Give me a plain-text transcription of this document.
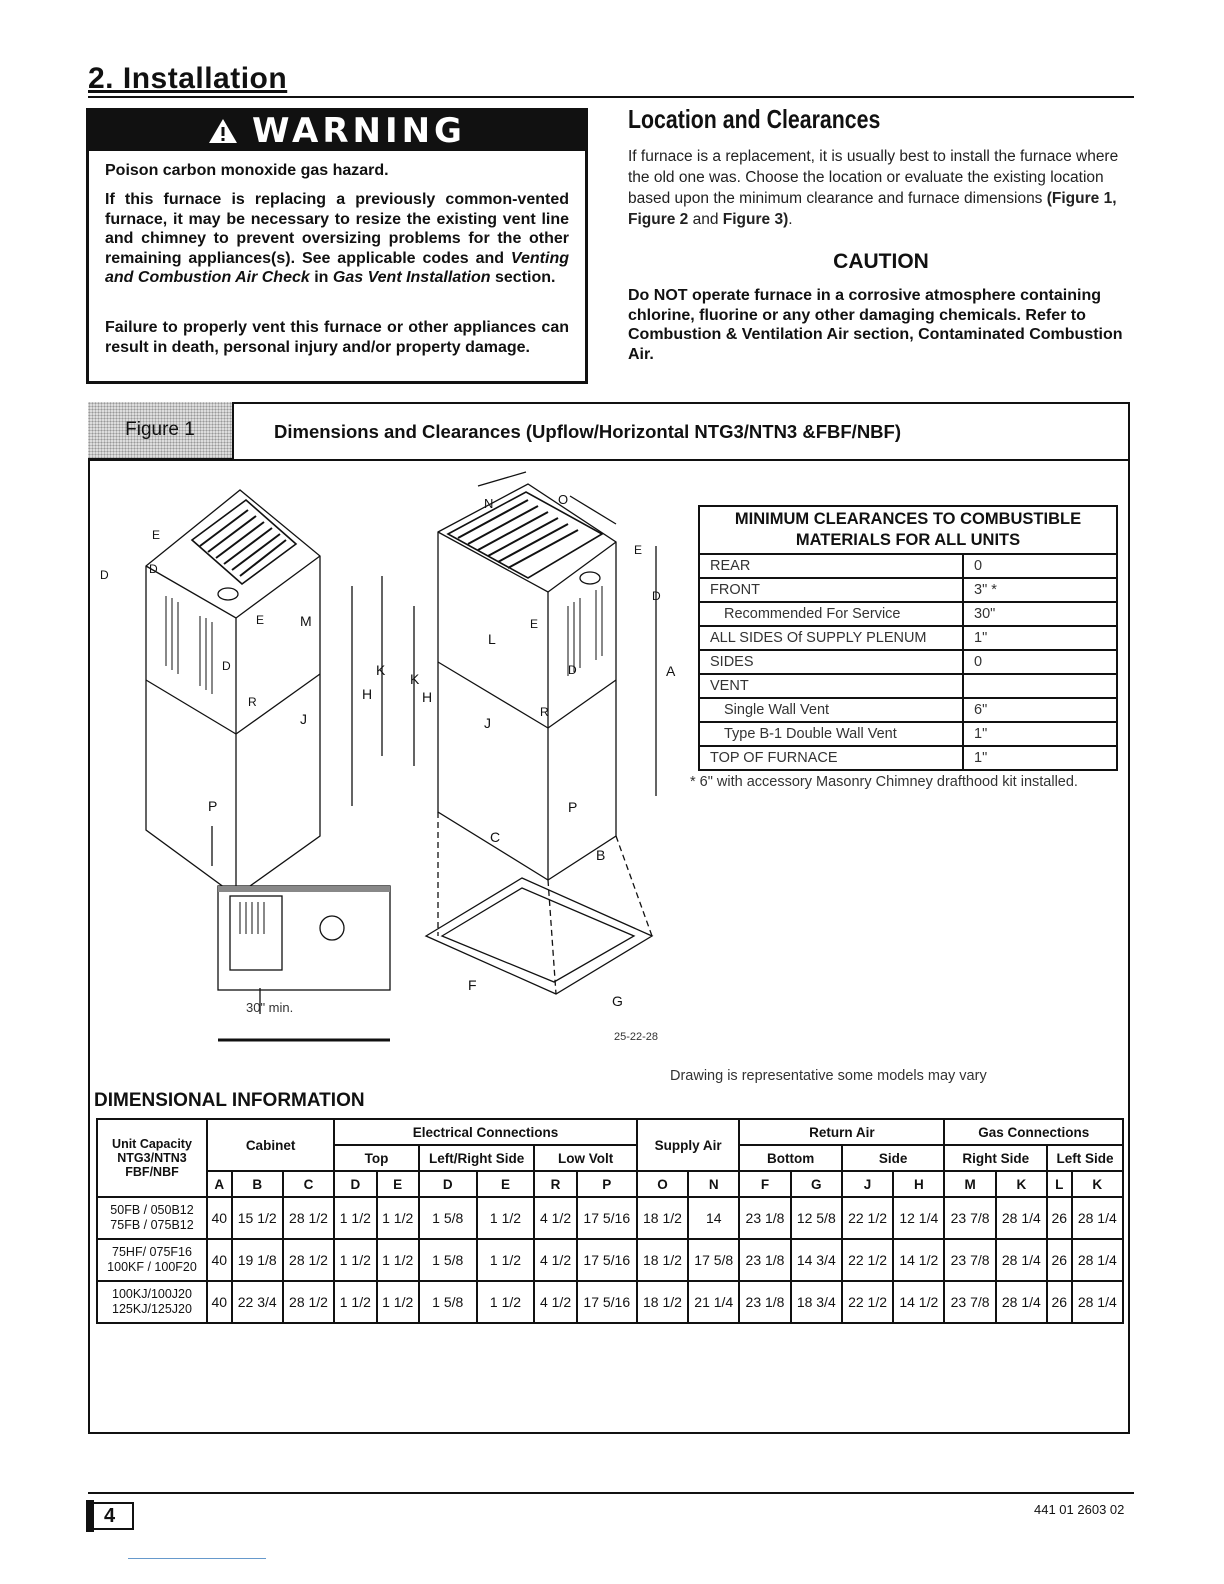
2. Installation
WARNING
Poison carbon monoxide gas hazard.
If this furnace is replacing a previously common-vented furnace, it may be necessary to resize the existing vent line and chimney to prevent oversizing problems for the other remaining appliances(s). See applicable codes and Venting and Combustion Air Check in Gas Vent Installation section.
Failure to properly vent this furnace or other appliances can result in death, personal injury and/or property damage.
Location and Clearances
If furnace is a replacement, it is usually best to install the furnace where the old one was. Choose the location or evaluate the existing location based upon the minimum clearance and furnace dimensions (Figure 1, Figure 2 and Figure 3).
CAUTION
Do NOT operate furnace in a corrosive atmosphere containing chlorine, fluorine or any other damaging chemicals. Refer to Combustion & Ventilation Air section, Contaminated Combustion Air.
Figure 1	Dimensions and Clearances (Upflow/Horizontal NTG3/NTN3 &FBF/NBF)
D
D
E
E	M
D	K
H
R
J
P
30" min.
N	O
E
D
E
L
A
D
K
H
J
R
P
C
B
F
G
25-22-28
MINIMUM CLEARANCES TO COMBUSTIBLE MATERIALS FOR ALL UNITS	
REAR	0
FRONT	3" *
Recommended For Service	30"
ALL SIDES Of SUPPLY PLENUM	1"
SIDES	0
VENT	
Single Wall Vent	6"
Type B-1 Double Wall Vent	1"
TOP OF FURNACE	1"
* 6" with accessory Masonry Chimney drafthood kit installed.
Drawing is representative some models may vary
DIMENSIONAL INFORMATION
Unit Capacity NTG3/NTN3 FBF/NBF	Cabinet			Electrical Connections						Supply Air		Return Air				Gas Connections			
				Top		Left/Right Side		Low Volt				Bottom		Side		Right Side		Left Side	
	A	B	C	D	E	D	E	R	P	O	N	F	G	J	H	M	K	L	K

50FB / 050B12
75FB / 075B12	40	15 1/2	28 1/2	1 1/2	1 1/2	1 5/8	1 1/2	4 1/2	17 5/16	18 1/2	14	23 1/8	12 5/8	22 1/2	12 1/4	23 7/8	28 1/4	26	28 1/4

75HF/ 075F16
100KF / 100F20	40	19 1/8	28 1/2	1 1/2	1 1/2	1 5/8	1 1/2	4 1/2	17 5/16	18 1/2	17 5/8	23 1/8	14 3/4	22 1/2	14 1/2	23 7/8	28 1/4	26	28 1/4

100KJ/100J20
125KJ/125J20	40	22 3/4	28 1/2	1 1/2	1 1/2	1 5/8	1 1/2	4 1/2	17 5/16	18 1/2	21 1/4	23 1/8	18 3/4	22 1/2	14 1/2	23 7/8	28 1/4	26	28 1/4
4	441 01 2603 02
